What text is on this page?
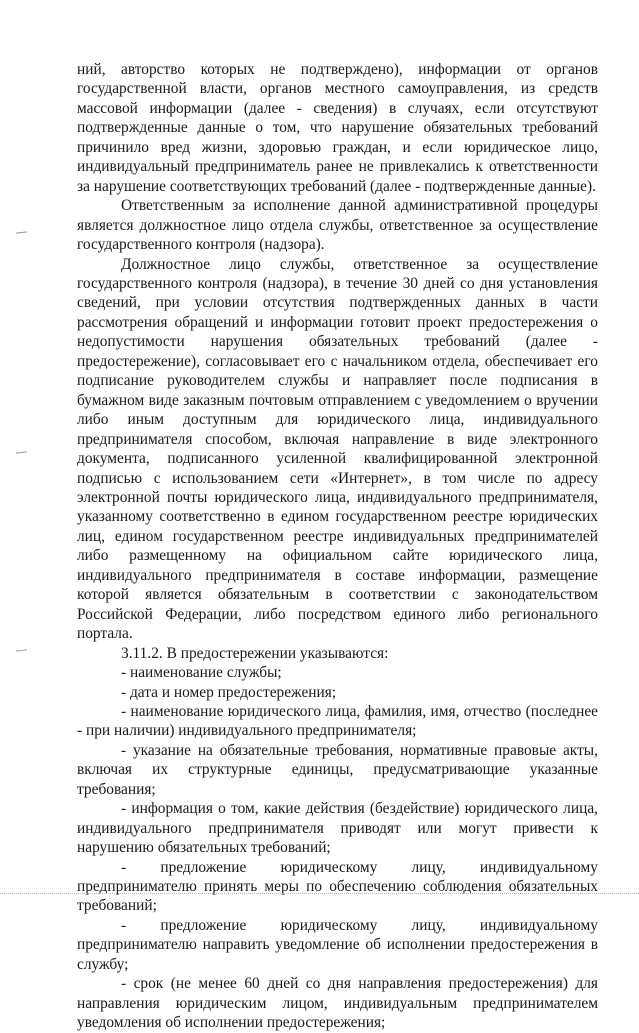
ний, авторство которых не подтверждено), информации от органов государственной власти, органов местного самоуправления, из средств массовой информации (далее - сведения) в случаях, если отсутствуют подтвержденные данные о том, что нарушение обязательных требований причинило вред жизни, здоровью граждан, и если юридическое лицо, индивидуальный предприниматель ранее не привлекались к ответственности за нарушение соответствующих требований (далее - подтвержденные данные).

Ответственным за исполнение данной административной процедуры является должностное лицо отдела службы, ответственное за осуществление государственного контроля (надзора).

Должностное лицо службы, ответственное за осуществление государственного контроля (надзора), в течение 30 дней со дня установления сведений, при условии отсутствия подтвержденных данных в части рассмотрения обращений и информации готовит проект предостережения о недопустимости нарушения обязательных требований (далее - предостережение), согласовывает его с начальником отдела, обеспечивает его подписание руководителем службы и направляет после подписания в бумажном виде заказным почтовым отправлением с уведомлением о вручении либо иным доступным для юридического лица, индивидуального предпринимателя способом, включая направление в виде электронного документа, подписанного усиленной квалифицированной электронной подписью с использованием сети «Интернет», в том числе по адресу электронной почты юридического лица, индивидуального предпринимателя, указанному соответственно в едином государственном реестре юридических лиц, едином государственном реестре индивидуальных предпринимателей либо размещенному на официальном сайте юридического лица, индивидуального предпринимателя в составе информации, размещение которой является обязательным в соответствии с законодательством Российской Федерации, либо посредством единого либо регионального портала.

3.11.2. В предостережении указываются:

- наименование службы;

- дата и номер предостережения;

- наименование юридического лица, фамилия, имя, отчество (последнее - при наличии) индивидуального предпринимателя;

- указание на обязательные требования, нормативные правовые акты, включая их структурные единицы, предусматривающие указанные требования;

- информация о том, какие действия (бездействие) юридического лица, индивидуального предпринимателя приводят или могут привести к нарушению обязательных требований;

- предложение юридическому лицу, индивидуальному предпринимателю принять меры по обеспечению соблюдения обязательных требований;

- предложение юридическому лицу, индивидуальному предпринимателю направить уведомление об исполнении предостережения в службу;

- срок (не менее 60 дней со дня направления предостережения) для направления юридическим лицом, индивидуальным предпринимателем уведомления об исполнении предостережения;
